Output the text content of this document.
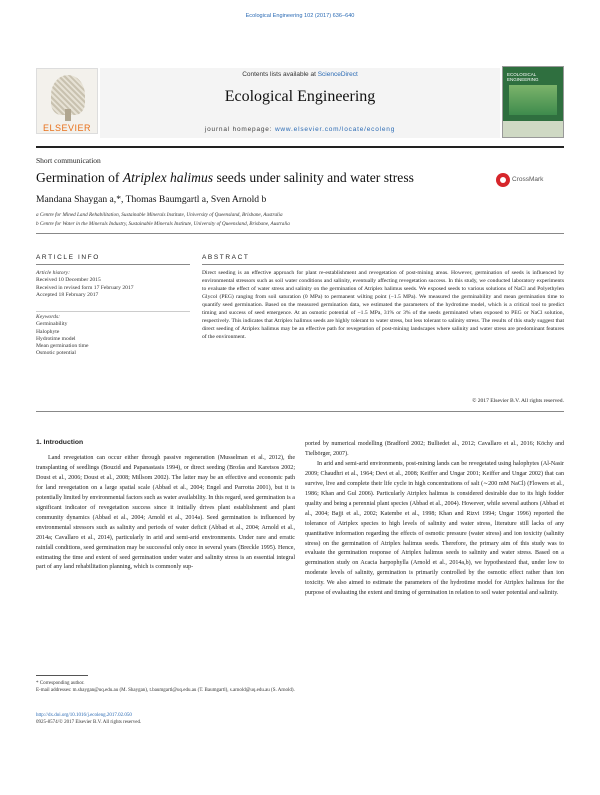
Ecological Engineering 102 (2017) 636–640
ELSEVIER
Contents lists available at ScienceDirect
Ecological Engineering
journal homepage: www.elsevier.com/locate/ecoleng
ECOLOGICAL ENGINEERING
Short communication
Germination of Atriplex halimus seeds under salinity and water stress	CrossMark
Mandana Shaygan a,*, Thomas Baumgartl a, Sven Arnold b
a Centre for Mined Land Rehabilitation, Sustainable Minerals Institute, University of Queensland, Brisbane, Australia
b Centre for Water in the Minerals Industry, Sustainable Minerals Institute, University of Queensland, Brisbane, Australia
ARTICLE INFO	ABSTRACT
Article history:
Received 10 December 2015
Received in revised form 17 February 2017
Accepted 18 February 2017
Keywords:
Germinability
Halophyte
Hydrotime model
Mean germination time
Osmotic potential
Direct seeding is an effective approach for plant re-establishment and revegetation of post-mining areas. However, germination of seeds is influenced by environmental stressors such as soil water conditions and salinity, eventually affecting revegetation success. In this study, we conducted laboratory experiments to evaluate the effect of water stress and salinity on the germination of Atriplex halimus seeds. We exposed seeds to various solutions of NaCl and Polyethylen Glycol (PEG) ranging from soil saturation (0 MPa) to permanent wilting point (−1.5 MPa). We measured the germinability and mean germination time to quantify seed germination. Based on the measured germination data, we estimated the parameters of the hydrotime model, which is a critical tool to predict timing and success of seed emergence. At an osmotic potential of −1.5 MPa, 31% or 3% of the seeds germinated when exposed to PEG or NaCl solution, respectively. This indicates that Atriplex halimus seeds are highly tolerant to water stress, but less tolerant to salinity stress. The results of this study suggest that direct seeding of Atriplex halimus may be an effective path for revegetation of post-mining landscapes where salinity and water stress are predominant features of the environment.
© 2017 Elsevier B.V. All rights reserved.
1. Introduction

Land revegetation can occur either through passive regeneration (Musselman et al., 2012), the transplanting of seedlings (Bouzid and Papanastasis 1994), or direct seeding (Brofas and Karetsos 2002; Doust et al., 2006; Doust et al., 2008; Millsom 2002). The latter may be an effective and economic path for land revegetation on a large spatial scale (Abbad et al., 2004; Engel and Parrotta 2001), but it is potentially limited by environmental factors such as water availability. In this regard, seed germination is a significant indicator of revegetation success since it initially drives plant establishment and plant community dynamics (Abbad et al., 2004; Arnold et al., 2014a). Seed germination is influenced by environmental stressors such as salinity and periods of water deficit (Abbad et al., 2004; Arnold et al., 2014a; Cavallaro et al., 2014), particularly in arid and semi-arid environments. Under rare and erratic rainfall conditions, seed germination may be successful only once in several years (Breckle 1995). Hence, estimating the time and extent of seed germination under water and salinity stress is an essential integral part of any land rehabilitation planning, which is commonly sup-

ported by numerical modelling (Bradford 2002; Bulliedet al., 2012; Cavallaro et al., 2016; Köchy and Tielbörger, 2007).

In arid and semi-arid environments, post-mining lands can be revegetated using halophytes (Al-Nasir 2009; Chaudhri et al., 1964; Devi et al., 2008; Keiffer and Ungar 2001; Keiffer and Ungar 2002) that can survive, live and complete their life cycle in high concentrations of salt (∼200 mM NaCl) (Flowers et al., 1986; Khan and Gul 2006). Particularly Atriplex halimus is considered desirable due to its high fodder quality and being a perennial plant species (Abbad et al., 2004). However, while several authors (Abbad et al., 2004; Bajji et al., 2002; Katembe et al., 1998; Khan and Rizvi 1994; Ungar 1996) reported the tolerance of Atriplex species to high levels of salinity and water stress, literature still lacks of any quantitative information regarding the effects of osmotic pressure (water stress) and ion toxicity (salinity stress) on the germination of Atriplex halimus seeds. Therefore, the primary aim of this study was to evaluate the germination response of Atriplex halimus seeds to salinity and water stress. Based on a germination study on Acacia harpophylla (Arnold et al., 2014a,b), we hypothesized that, under low to moderate levels of salinity, germination is primarily controlled by the osmotic effect rather than ion toxicity. We also aimed to estimate the parameters of the hydrotime model for Atriplex halimus for the purpose of evaluating the extent and timing of germination in relation to soil water potential and salinity.

* Corresponding author.
E-mail addresses: m.shaygan@uq.edu.au (M. Shaygan), t.baumgartl@uq.edu.au (T. Baumgartl), s.arnold@uq.edu.au (S. Arnold).
http://dx.doi.org/10.1016/j.ecoleng.2017.02.050
0925-8574/© 2017 Elsevier B.V. All rights reserved.
